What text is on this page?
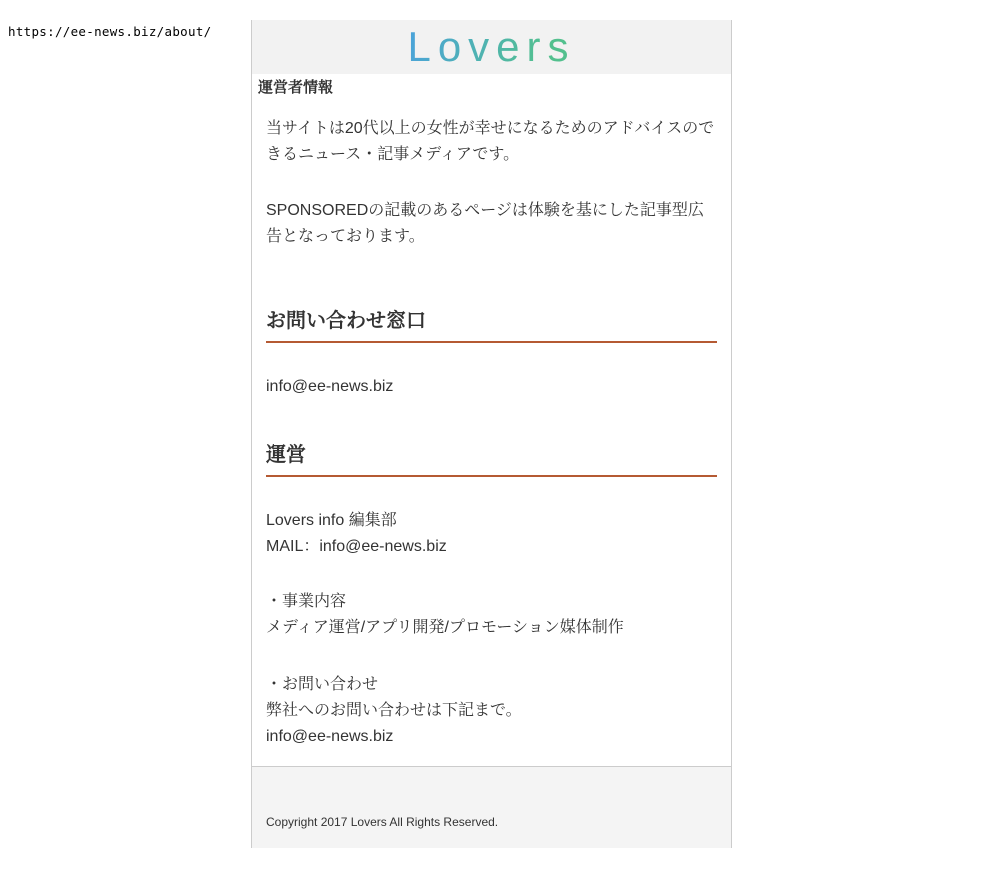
https://ee-news.biz/about/	Lovers
運営者情報

当サイトは20代以上の女性が幸せになるためのアドバイスのできるニュース・記事メディアです。

SPONSOREDの記載のあるページは体験を基にした記事型広告となっております。

お問い合わせ窓口

info@ee-news.biz

運営

Lovers info 編集部
MAIL：info@ee-news.biz

・事業内容
メディア運営/アプリ開発/プロモーション媒体制作

・お問い合わせ
弊社へのお問い合わせは下記まで。
info@ee-news.biz

Copyright 2017 Lovers All Rights Reserved.
